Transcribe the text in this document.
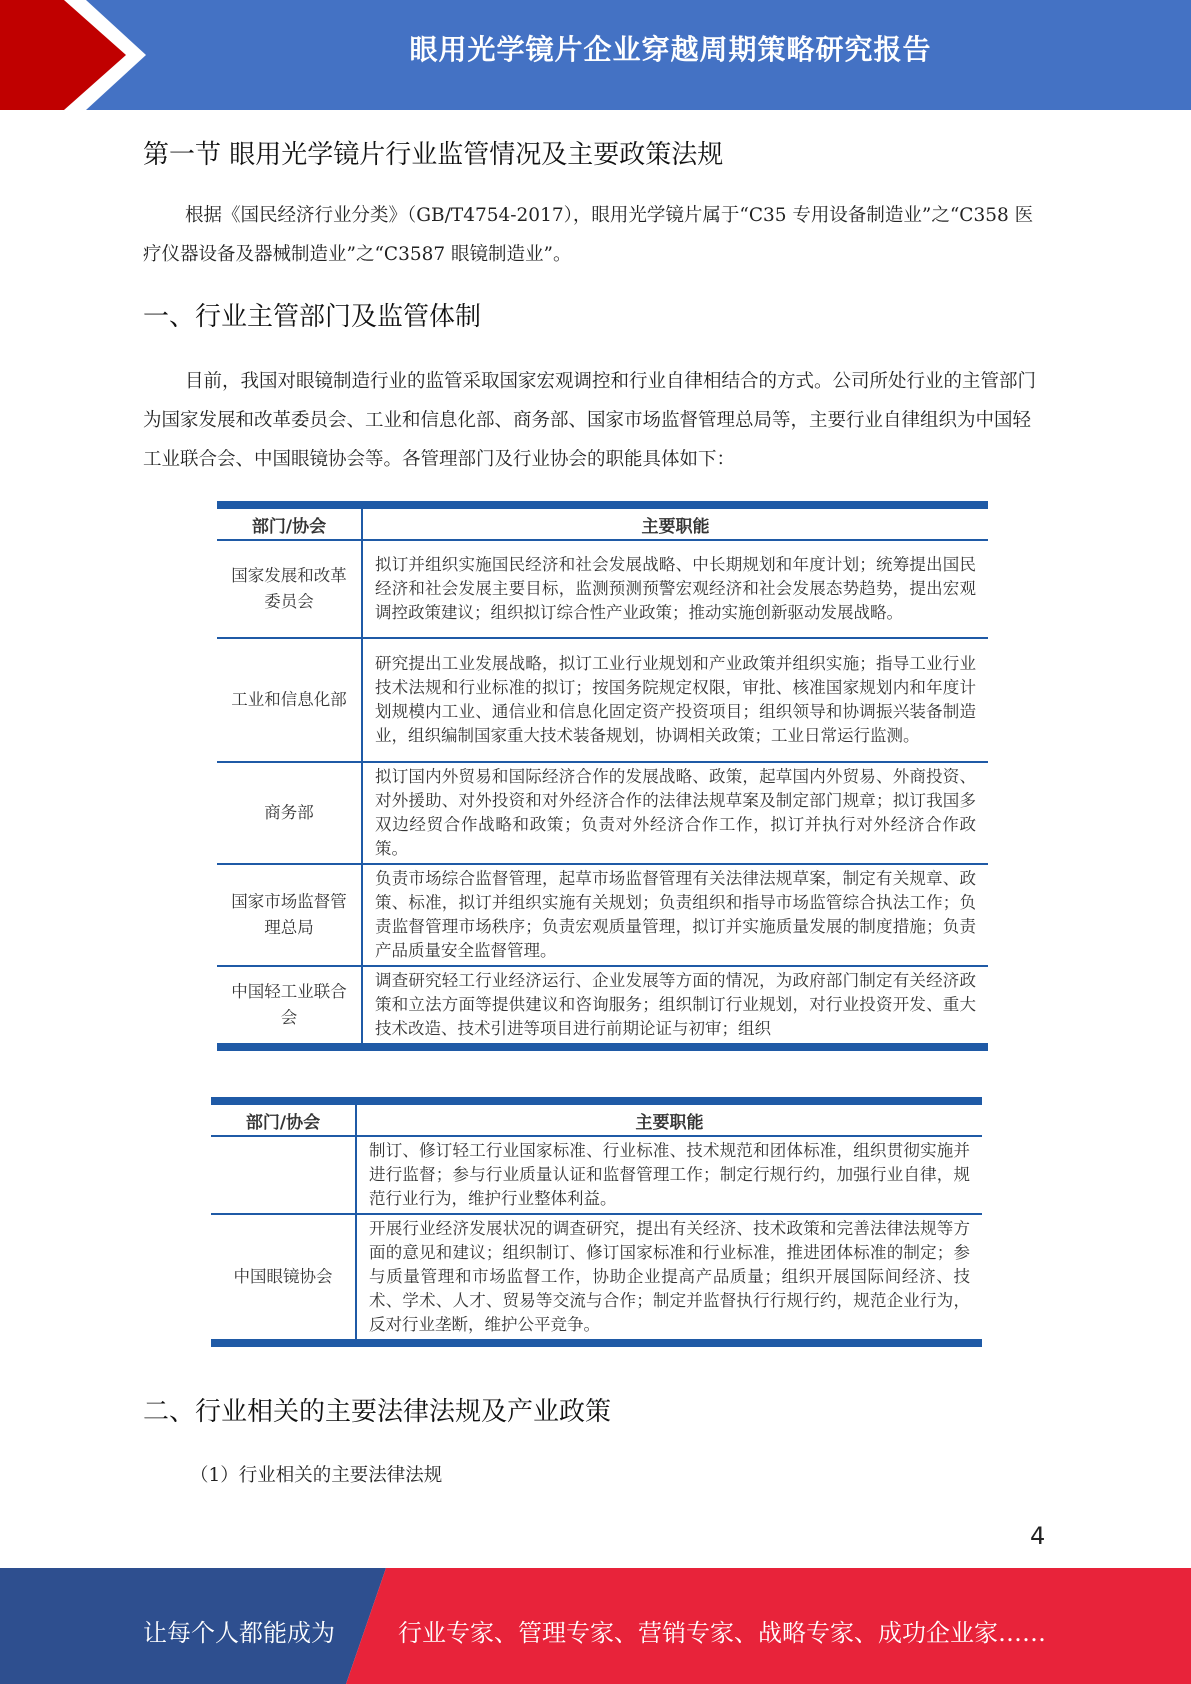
眼用光学镜片企业穿越周期策略研究报告
第一节 眼用光学镜片行业监管情况及主要政策法规

根据《国民经济行业分类》（GB/T4754-2017），眼用光学镜片属于“C35 专用设备制造业”之“C358 医疗仪器设备及器械制造业”之“C3587 眼镜制造业”。

一、行业主管部门及监管体制

目前，我国对眼镜制造行业的监管采取国家宏观调控和行业自律相结合的方式。公司所处行业的主管部门为国家发展和改革委员会、工业和信息化部、商务部、国家市场监督管理总局等，主要行业自律组织为中国轻工业联合会、中国眼镜协会等。各管理部门及行业协会的职能具体如下：

部门/协会	主要职能
国家发展和改革委员会	拟订并组织实施国民经济和社会发展战略、中长期规划和年度计划；统筹提出国民经济和社会发展主要目标，监测预测预警宏观经济和社会发展态势趋势，提出宏观调控政策建议；组织拟订综合性产业政策；推动实施创新驱动发展战略。
工业和信息化部	研究提出工业发展战略，拟订工业行业规划和产业政策并组织实施；指导工业行业技术法规和行业标准的拟订；按国务院规定权限，审批、核准国家规划内和年度计划规模内工业、通信业和信息化固定资产投资项目；组织领导和协调振兴装备制造业，组织编制国家重大技术装备规划，协调相关政策；工业日常运行监测。
商务部	拟订国内外贸易和国际经济合作的发展战略、政策，起草国内外贸易、外商投资、对外援助、对外投资和对外经济合作的法律法规草案及制定部门规章；拟订我国多双边经贸合作战略和政策；负责对外经济合作工作，拟订并执行对外经济合作政策。
国家市场监督管理总局	负责市场综合监督管理，起草市场监督管理有关法律法规草案，制定有关规章、政策、标准，拟订并组织实施有关规划；负责组织和指导市场监管综合执法工作；负责监督管理市场秩序；负责宏观质量管理，拟订并实施质量发展的制度措施；负责产品质量安全监督管理。
中国轻工业联合会	调查研究轻工行业经济运行、企业发展等方面的情况，为政府部门制定有关经济政策和立法方面等提供建议和咨询服务；组织制订行业规划，对行业投资开发、重大技术改造、技术引进等项目进行前期论证与初审；组织
部门/协会	主要职能
	制订、修订轻工行业国家标准、行业标准、技术规范和团体标准，组织贯彻实施并进行监督；参与行业质量认证和监督管理工作；制定行规行约，加强行业自律，规范行业行为，维护行业整体利益。
中国眼镜协会	开展行业经济发展状况的调查研究，提出有关经济、技术政策和完善法律法规等方面的意见和建议；组织制订、修订国家标准和行业标准，推进团体标准的制定；参与质量管理和市场监督工作，协助企业提高产品质量；组织开展国际间经济、技术、学术、人才、贸易等交流与合作；制定并监督执行行规行约，规范企业行为，反对行业垄断，维护公平竞争。
二、行业相关的主要法律法规及产业政策
（1）行业相关的主要法律法规
4
让每个人都能成为	行业专家、管理专家、营销专家、战略专家、成功企业家……
